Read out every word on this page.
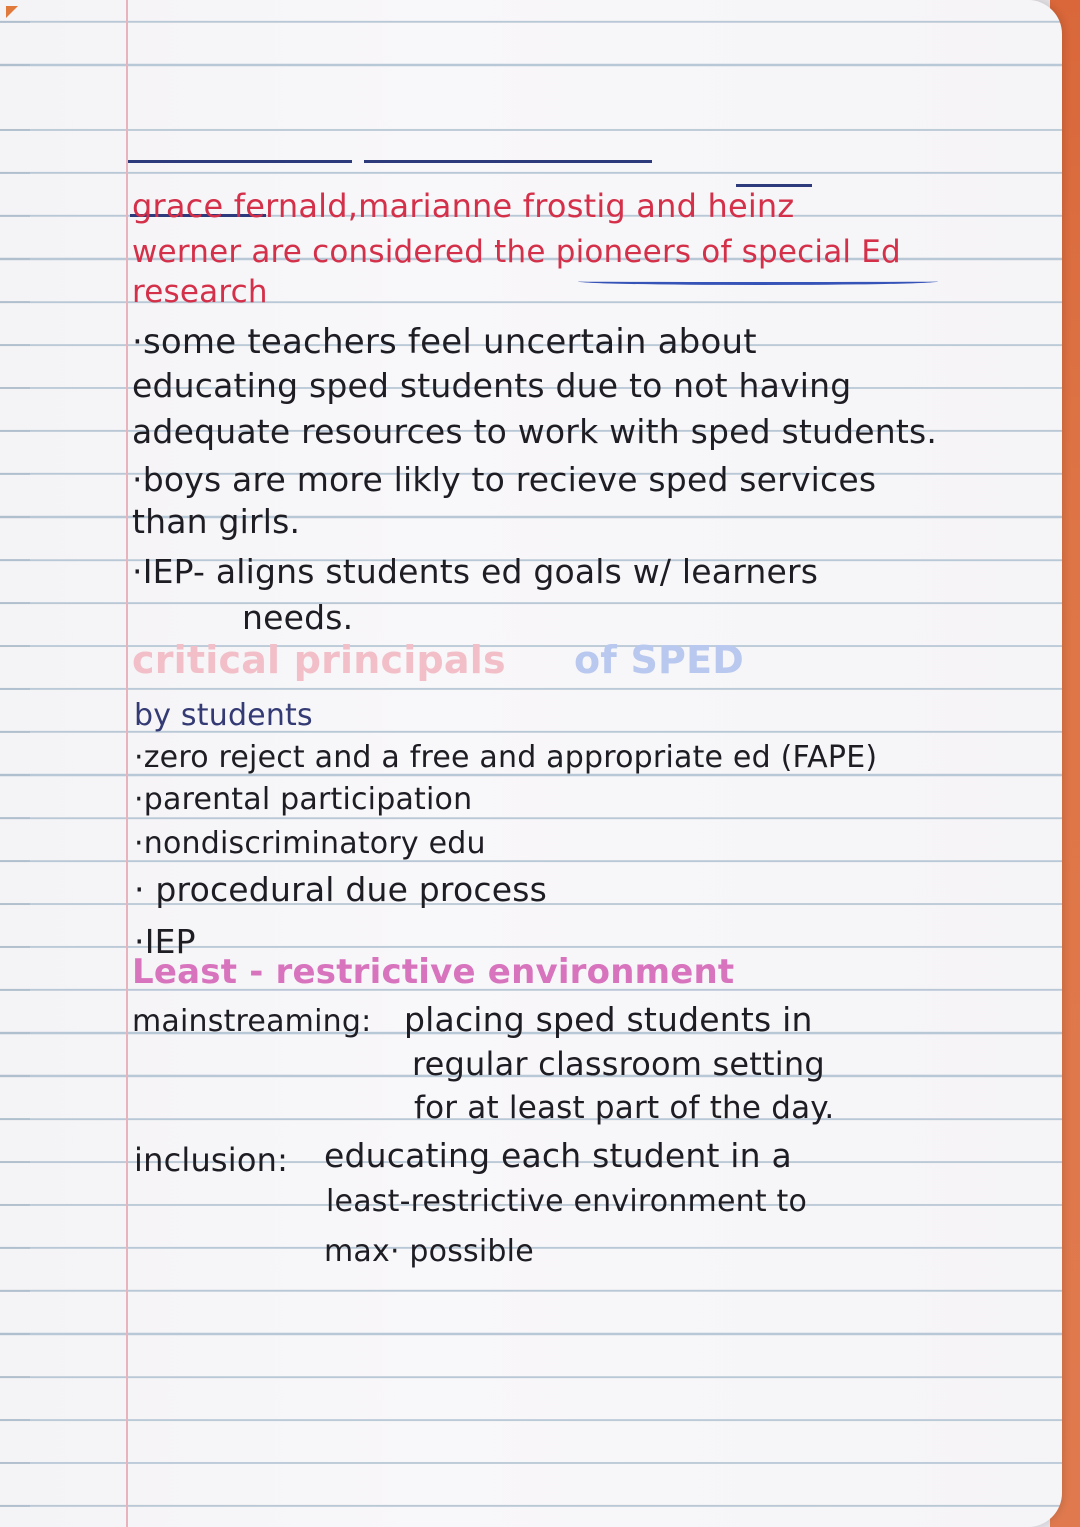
grace fernald,marianne frostig and heinz
werner are considered the pioneers of special Ed
research
·some teachers feel uncertain about
educating sped students due to not having
adequate resources to work with sped students.
·boys are more likly to recieve sped services
than girls.
·IEP- aligns students ed goals w/ learners
needs.
critical principals of SPED
by students
·zero reject and a free and appropriate ed (FAPE)
·parental participation
·nondiscriminatory edu
· procedural due process
·IEP
Least - restrictive environment
mainstreaming: placing sped students in
regular classroom setting
for at least part of the day.
inclusion: educating each student in a
least-restrictive environment to
max· possible
